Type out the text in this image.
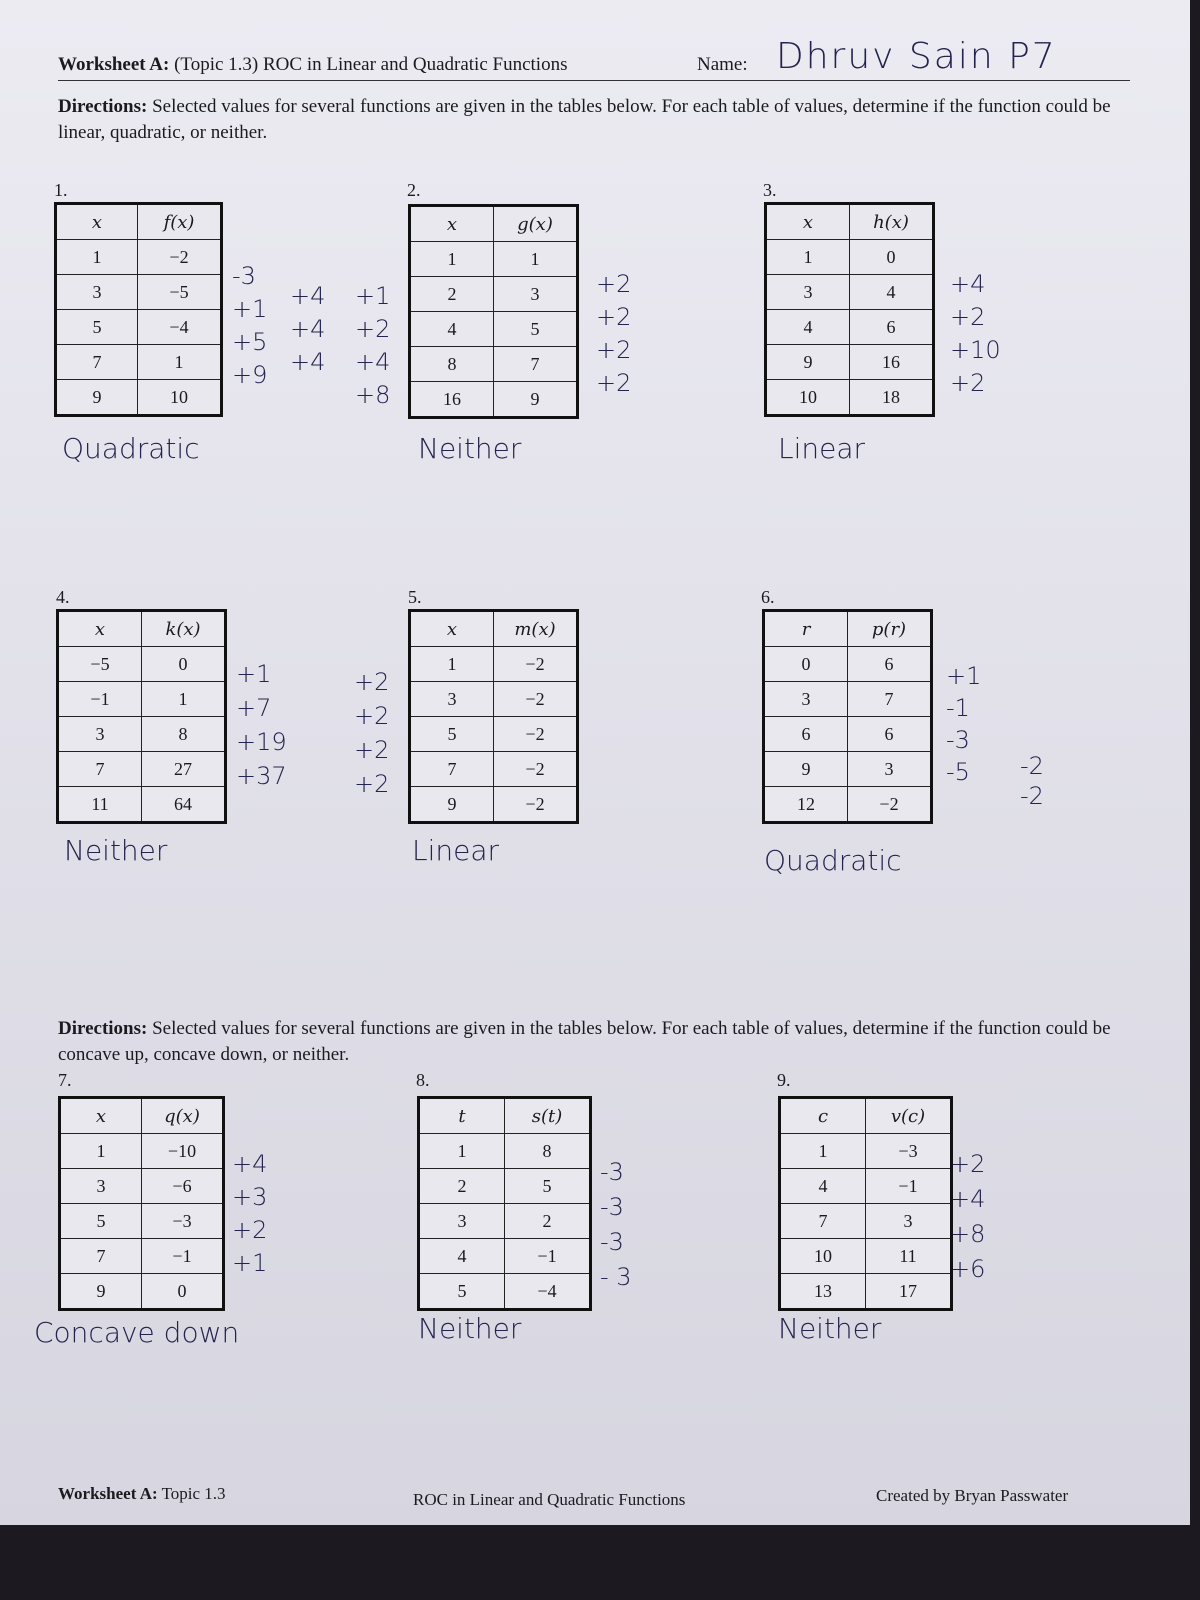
Worksheet A: (Topic 1.3) ROC in Linear and Quadratic Functions	Name: Dhruv Sain P7
Directions: Selected values for several functions are given in the tables below. For each table of values, determine if the function could be linear, quadratic, or neither.
Directions: Selected values for several functions are given in the tables below. For each table of values, determine if the function could be concave up, concave down, or neither.
1.
x	f(x)
1	−2
3	−5
5	−4
7	1
9	10
Quadratic
-3
+1
+5
+9
+4
+4
+4
2.
x	g(x)
1	1
2	3
4	5
8	7
16	9
Neither
+2
+2
+2
+2
+1
+2
+4
+8
3.
x	h(x)
1	0
3	4
4	6
9	16
10	18
Linear
+4
+2
+10
+2
4.
x	k(x)
−5	0
−1	1
3	8
7	27
11	64
Neither
+1
+7
+19
+37
5.
x	m(x)
1	−2
3	−2
5	−2
7	−2
9	−2
Linear
+2
+2
+2
+2
6.
r	p(r)
0	6
3	7
6	6
9	3
12	−2
Quadratic
+1
-1
-3
-5 -2
-2
7.
x	q(x)
1	−10
3	−6
5	−3
7	−1
9	0
Concave down
+4
+3
+2
+1
8.
t	s(t)
1	8
2	5
3	2
4	−1
5	−4
Neither
-3
-3
-3
- 3
9.
c	v(c)
1	−3
4	−1
7	3
10	11
13	17
Neither
+2
+4
+8
+6
Worksheet A: Topic 1.3	ROC in Linear and Quadratic Functions	Created by Bryan Passwater
